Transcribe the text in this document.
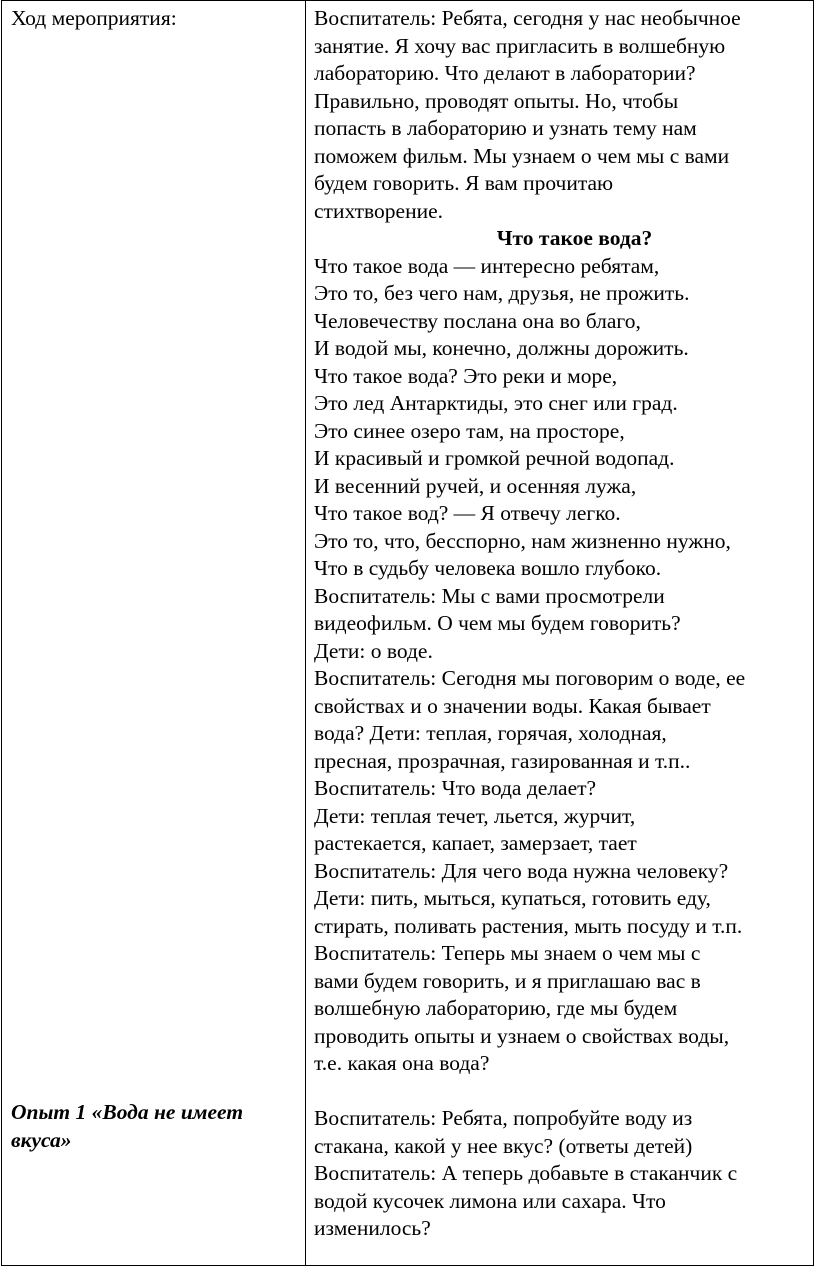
Ход мероприятия:
Опыт 1 «Вода не имеет
вкуса»
Воспитатель: Ребята, сегодня у нас необычное
занятие. Я хочу вас пригласить в волшебную
лабораторию. Что делают в лаборатории?
Правильно, проводят опыты. Но, чтобы
попасть в лабораторию и узнать тему нам
поможем фильм. Мы узнаем о чем мы с вами
будем говорить. Я вам прочитаю
стихтворение.
Что такое вода?
Что такое вода — интересно ребятам,
Это то, без чего нам, друзья, не прожить.
Человечеству послана она во благо,
И водой мы, конечно, должны дорожить.
Что такое вода? Это реки и море,
Это лед Антарктиды, это снег или град.
Это синее озеро там, на просторе,
И красивый и громкой речной водопад.
И весенний ручей, и осенняя лужа,
Что такое вод? — Я отвечу легко.
Это то, что, бесспорно, нам жизненно нужно,
Что в судьбу человека вошло глубоко.
Воспитатель: Мы с вами просмотрели
видеофильм. О чем мы будем говорить?
Дети: о воде.
Воспитатель: Сегодня мы поговорим о воде, ее
свойствах и о значении воды. Какая бывает
вода? Дети: теплая, горячая, холодная,
пресная, прозрачная, газированная и т.п..
Воспитатель: Что вода делает?
Дети: теплая течет, льется, журчит,
растекается, капает, замерзает, тает
Воспитатель: Для чего вода нужна человеку?
Дети: пить, мыться, купаться, готовить еду,
стирать, поливать растения, мыть посуду и т.п.
Воспитатель: Теперь мы знаем о чем мы с
вами будем говорить, и я приглашаю вас в
волшебную лабораторию, где мы будем
проводить опыты и узнаем о свойствах воды,
т.е. какая она вода?
Воспитатель: Ребята, попробуйте воду из
стакана, какой у нее вкус? (ответы детей)
Воспитатель: А теперь добавьте в стаканчик с
водой кусочек лимона или сахара. Что
изменилось?
